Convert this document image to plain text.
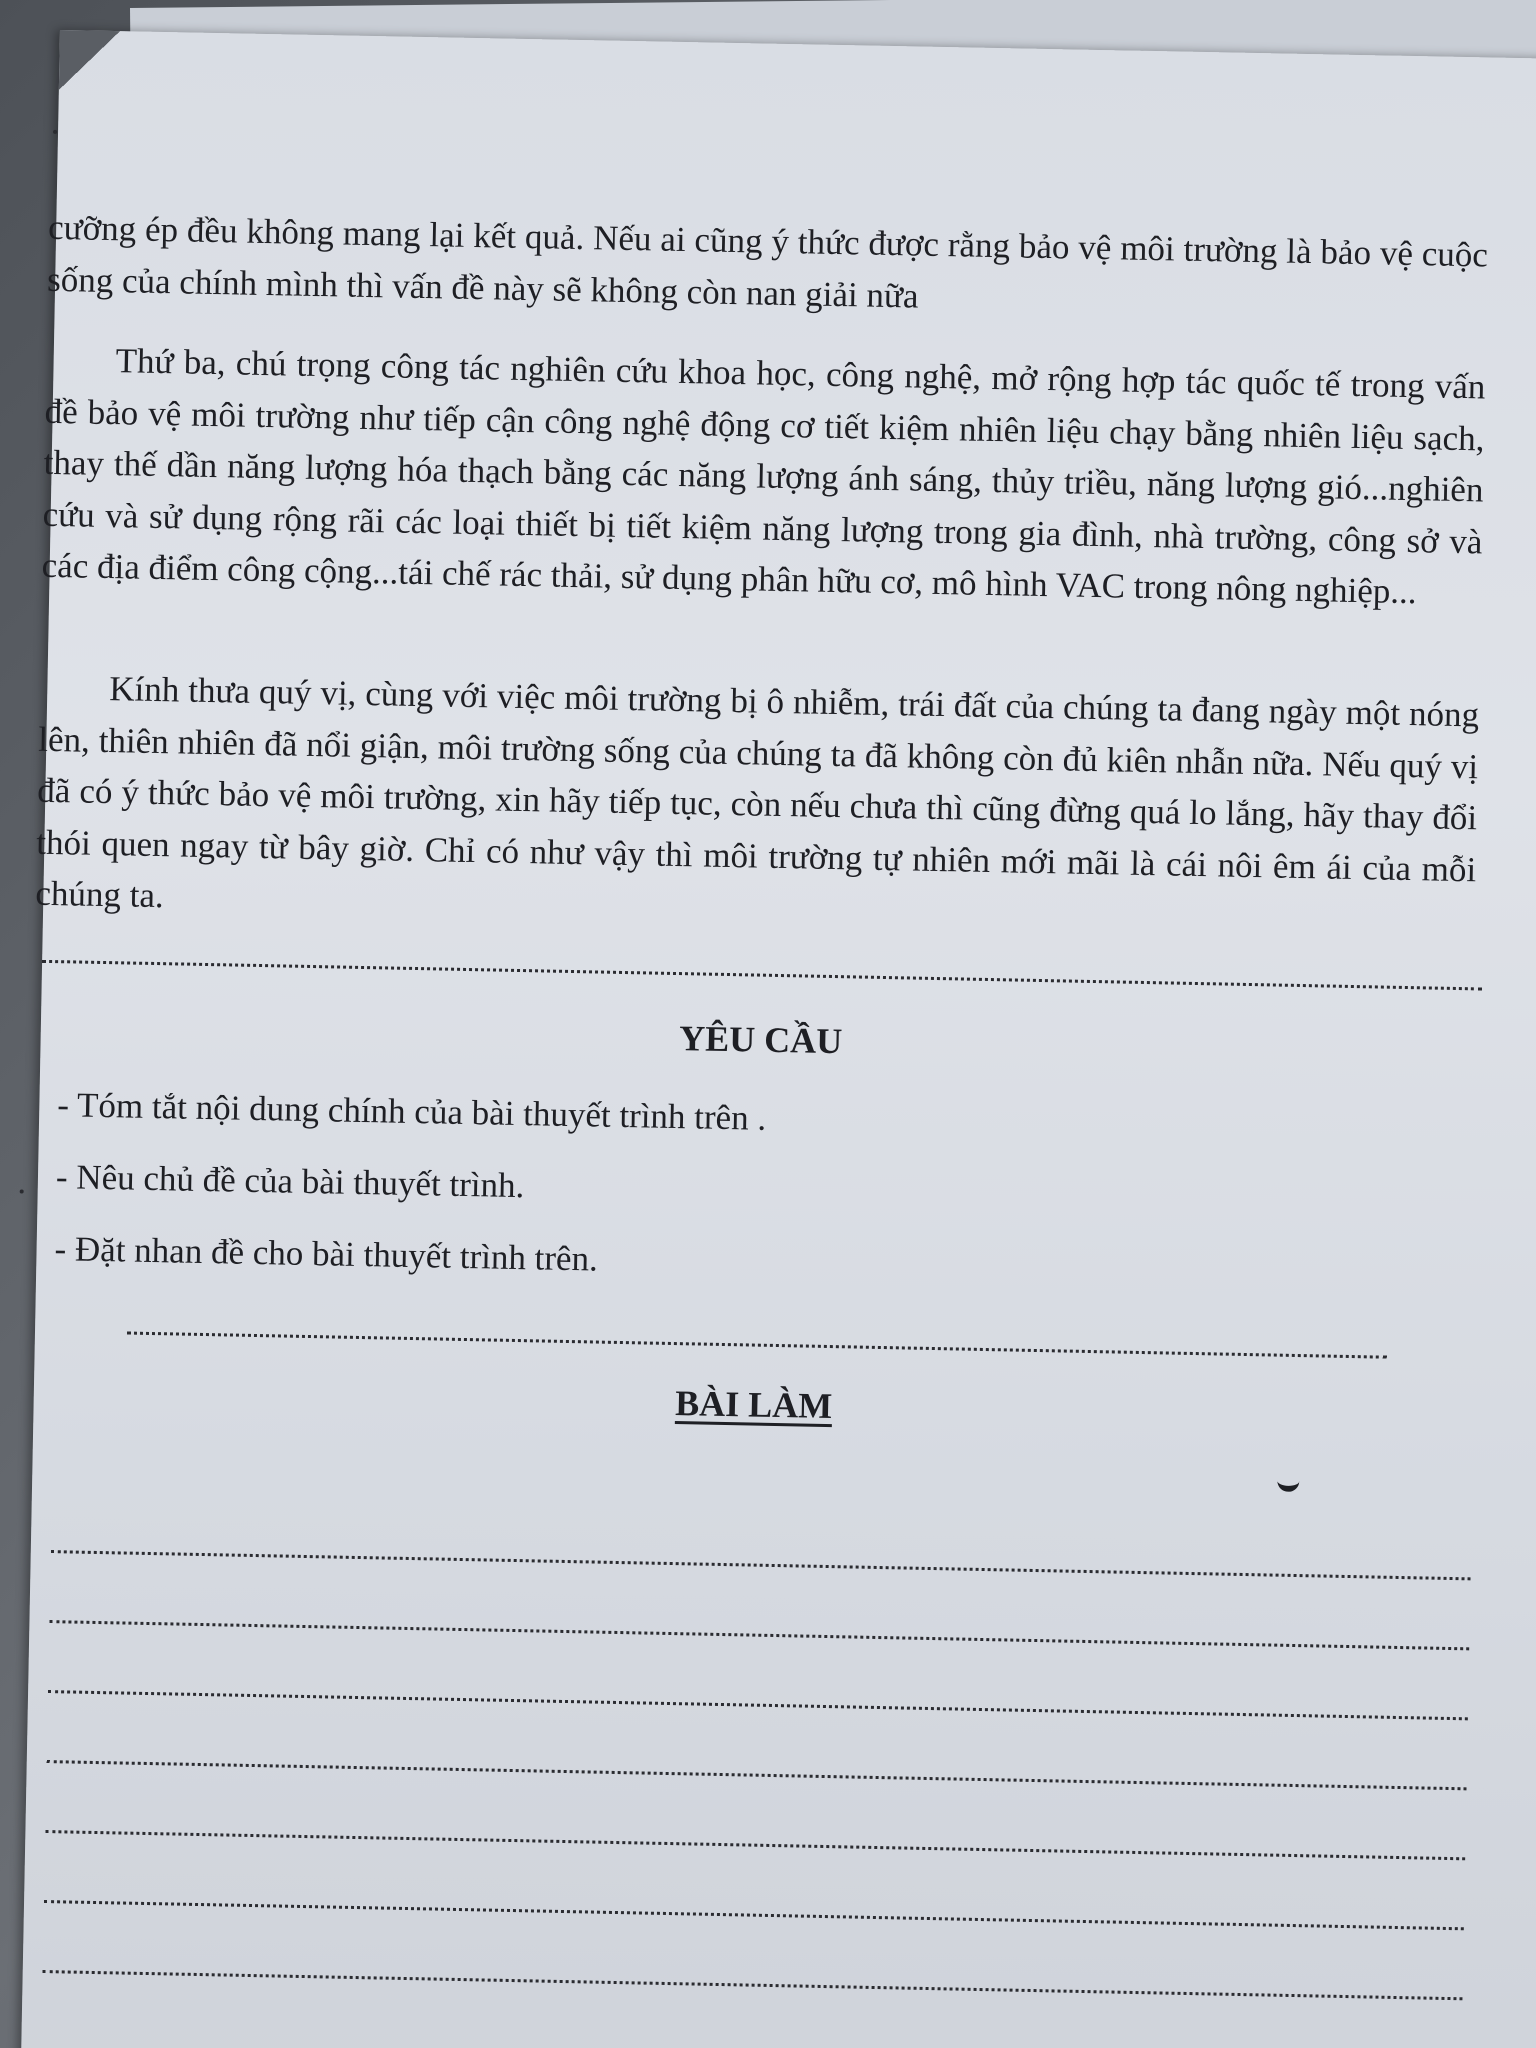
cưỡng ép đều không mang lại kết quả. Nếu ai cũng ý thức được rằng bảo vệ môi trường là bảo vệ cuộc sống của chính mình thì vấn đề này sẽ không còn nan giải nữa

Thứ ba, chú trọng công tác nghiên cứu khoa học, công nghệ, mở rộng hợp tác quốc tế trong vấn đề bảo vệ môi trường như tiếp cận công nghệ động cơ tiết kiệm nhiên liệu chạy bằng nhiên liệu sạch, thay thế dần năng lượng hóa thạch bằng các năng lượng ánh sáng, thủy triều, năng lượng gió...nghiên cứu và sử dụng rộng rãi các loại thiết bị tiết kiệm năng lượng trong gia đình, nhà trường, công sở và các địa điểm công cộng...tái chế rác thải, sử dụng phân hữu cơ, mô hình VAC trong nông nghiệp...

Kính thưa quý vị, cùng với việc môi trường bị ô nhiễm, trái đất của chúng ta đang ngày một nóng lên, thiên nhiên đã nổi giận, môi trường sống của chúng ta đã không còn đủ kiên nhẫn nữa. Nếu quý vị đã có ý thức bảo vệ môi trường, xin hãy tiếp tục, còn nếu chưa thì cũng đừng quá lo lắng, hãy thay đổi thói quen ngay từ bây giờ. Chỉ có như vậy thì môi trường tự nhiên mới mãi là cái nôi êm ái của mỗi chúng ta.

YÊU CẦU

- Tóm tắt nội dung chính của bài thuyết trình trên .

- Nêu chủ đề của bài thuyết trình.

- Đặt nhan đề cho bài thuyết trình trên.

BÀI LÀM
